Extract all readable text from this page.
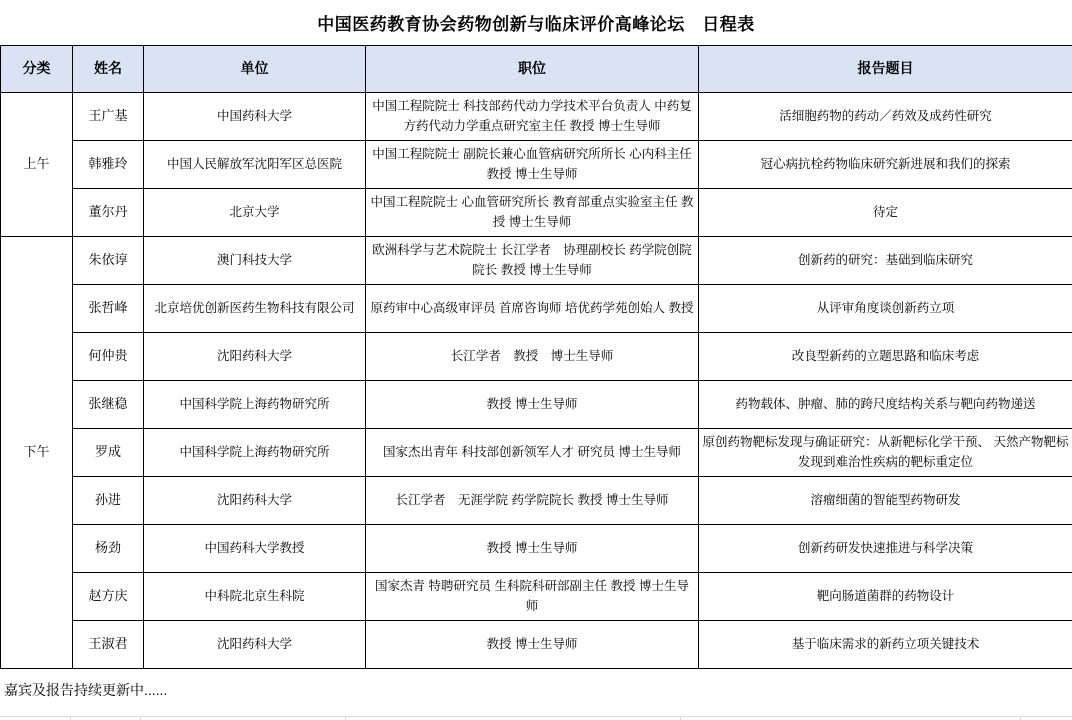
中国医药教育协会药物创新与临床评价高峰论坛　日程表
分类	姓名	单位	职位	报告题目
上午	王广基	中国药科大学	中国工程院院士 科技部药代动力学技术平台负责人 中药复方药代动力学重点研究室主任 教授 博士生导师	活细胞药物的药动／药效及成药性研究
	韩雅玲	中国人民解放军沈阳军区总医院	中国工程院院士 副院长兼心血管病研究所所长 心内科主任 教授 博士生导师	冠心病抗栓药物临床研究新进展和我们的探索
	董尔丹	北京大学	中国工程院院士 心血管研究所长 教育部重点实验室主任 教授 博士生导师	待定
下午	朱依谆	澳门科技大学	欧洲科学与艺术院院士 长江学者　协理副校长 药学院创院院长 教授 博士生导师	创新药的研究：基础到临床研究
	张哲峰	北京培优创新医药生物科技有限公司	原药审中心高级审评员 首席咨询师 培优药学苑创始人 教授	从评审角度谈创新药立项
	何仲贵	沈阳药科大学	长江学者　教授　博士生导师	改良型新药的立题思路和临床考虑
	张继稳	中国科学院上海药物研究所	教授 博士生导师	药物载体、肿瘤、肺的跨尺度结构关系与靶向药物递送
	罗成	中国科学院上海药物研究所	国家杰出青年 科技部创新领军人才 研究员 博士生导师	原创药物靶标发现与确证研究：从新靶标化学干预、 天然产物靶标发现到难治性疾病的靶标重定位
	孙进	沈阳药科大学	长江学者　无涯学院 药学院院长 教授 博士生导师	溶瘤细菌的智能型药物研发
	杨劲	中国药科大学教授	教授 博士生导师	创新药研发快速推进与科学决策
	赵方庆	中科院北京生科院	国家杰青 特聘研究员 生科院科研部副主任 教授 博士生导师	靶向肠道菌群的药物设计
	王淑君	沈阳药科大学	教授 博士生导师	基于临床需求的新药立项关键技术
嘉宾及报告持续更新中......
